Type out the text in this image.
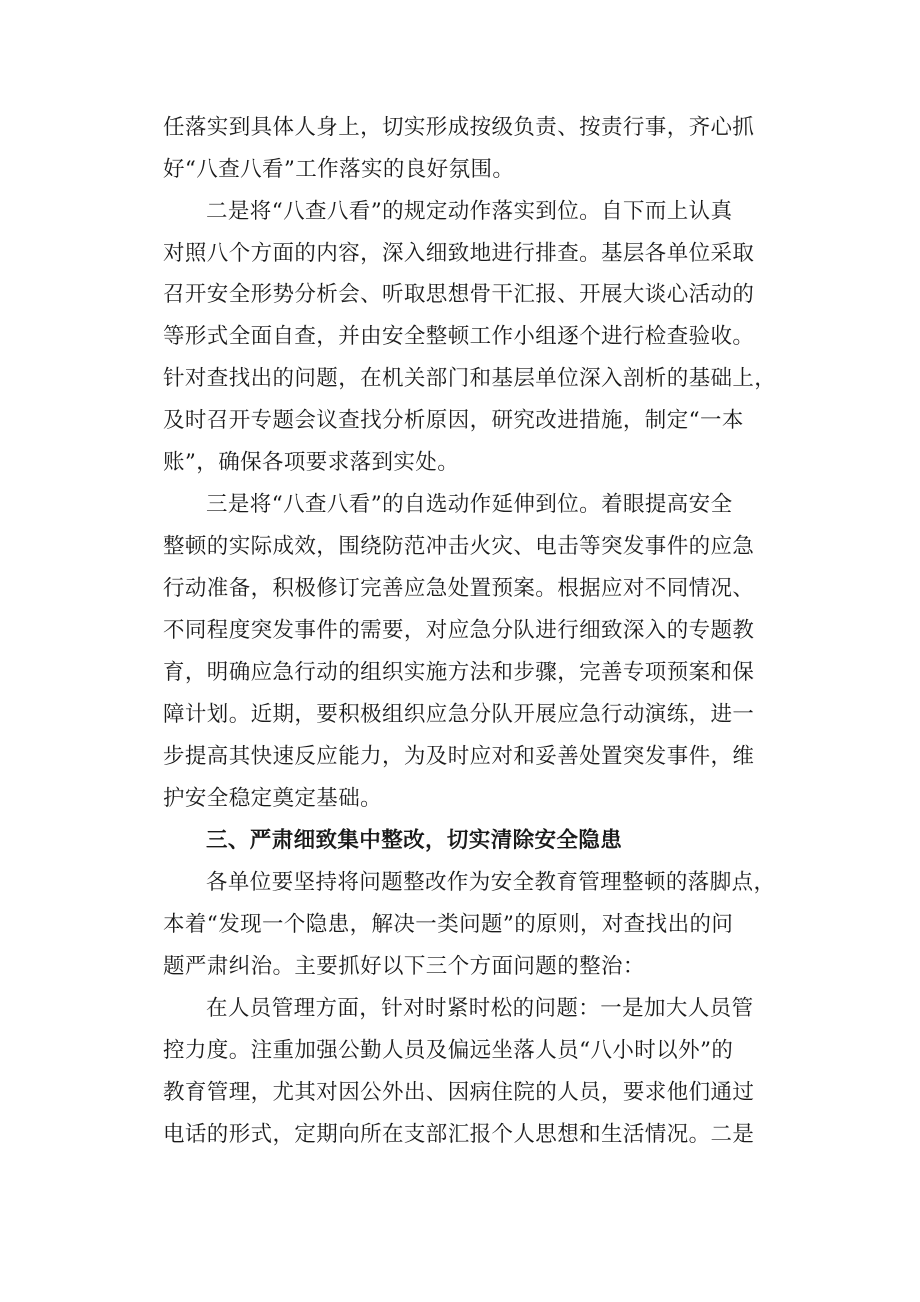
任落实到具体人身上，切实形成按级负责、按责行事，齐心抓
好“八查八看”工作落实的良好氛围。
二是将“八查八看”的规定动作落实到位。自下而上认真
对照八个方面的内容，深入细致地进行排查。基层各单位采取
召开安全形势分析会、听取思想骨干汇报、开展大谈心活动的
等形式全面自查，并由安全整顿工作小组逐个进行检查验收。
针对查找出的问题，在机关部门和基层单位深入剖析的基础上，
及时召开专题会议查找分析原因，研究改进措施，制定“一本
账”，确保各项要求落到实处。
三是将“八查八看”的自选动作延伸到位。着眼提高安全
整顿的实际成效，围绕防范冲击火灾、电击等突发事件的应急
行动准备，积极修订完善应急处置预案。根据应对不同情况、
不同程度突发事件的需要，对应急分队进行细致深入的专题教
育，明确应急行动的组织实施方法和步骤，完善专项预案和保
障计划。近期，要积极组织应急分队开展应急行动演练，进一
步提高其快速反应能力，为及时应对和妥善处置突发事件，维
护安全稳定奠定基础。
三、严肃细致集中整改，切实清除安全隐患
各单位要坚持将问题整改作为安全教育管理整顿的落脚点，
本着“发现一个隐患，解决一类问题”的原则，对查找出的问
题严肃纠治。主要抓好以下三个方面问题的整治：
在人员管理方面，针对时紧时松的问题：一是加大人员管
控力度。注重加强公勤人员及偏远坐落人员“八小时以外”的
教育管理，尤其对因公外出、因病住院的人员，要求他们通过
电话的形式，定期向所在支部汇报个人思想和生活情况。二是
